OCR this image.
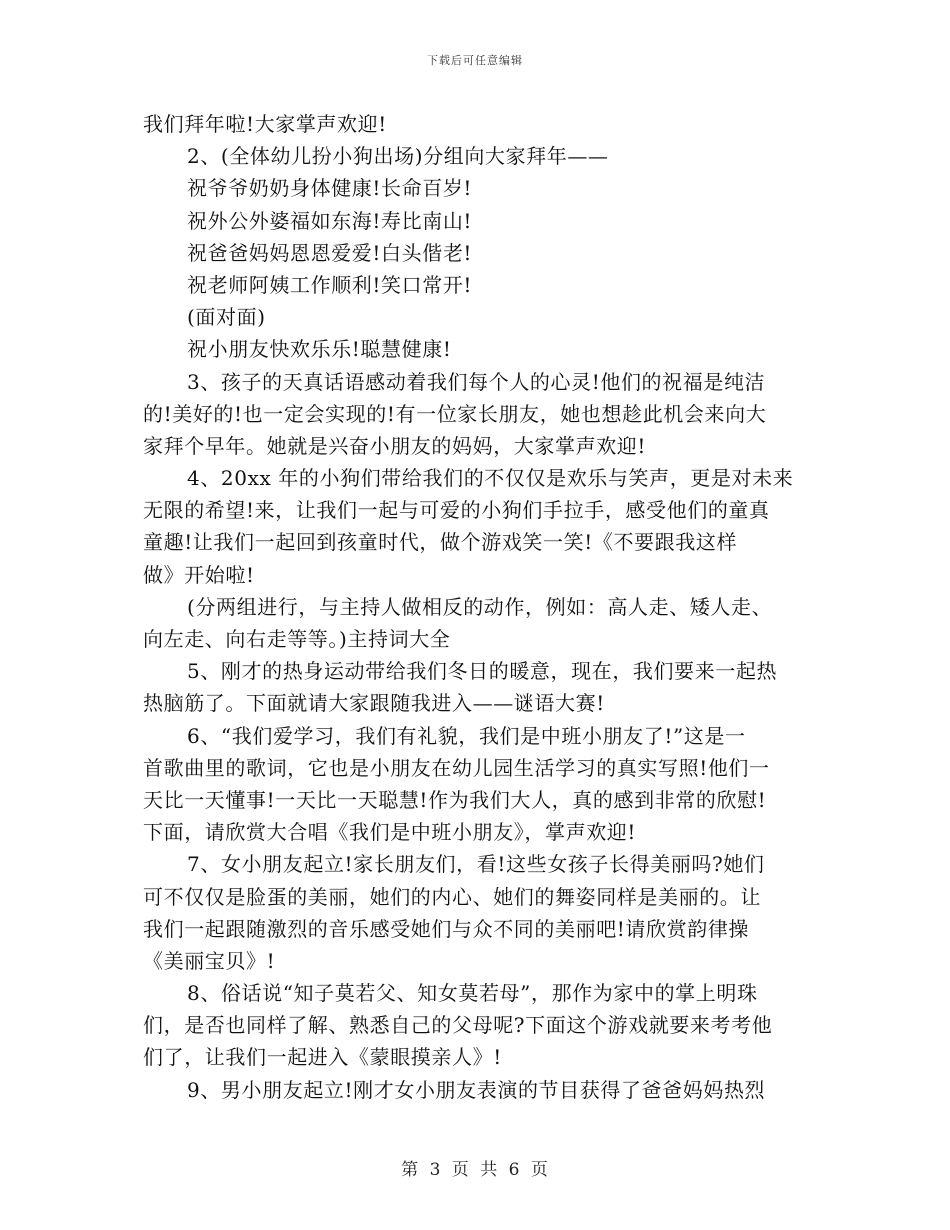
下载后可任意编辑
我们拜年啦!大家掌声欢迎!
2、(全体幼儿扮小狗出场)分组向大家拜年——
祝爷爷奶奶身体健康!长命百岁!
祝外公外婆福如东海!寿比南山!
祝爸爸妈妈恩恩爱爱!白头偕老!
祝老师阿姨工作顺利!笑口常开!
(面对面)
祝小朋友快欢乐乐!聪慧健康!
3、孩子的天真话语感动着我们每个人的心灵!他们的祝福是纯洁
的!美好的!也一定会实现的!有一位家长朋友，她也想趁此机会来向大
家拜个早年。她就是兴奋小朋友的妈妈，大家掌声欢迎!
4、20xx 年的小狗们带给我们的不仅仅是欢乐与笑声，更是对未来
无限的希望!来，让我们一起与可爱的小狗们手拉手，感受他们的童真
童趣!让我们一起回到孩童时代，做个游戏笑一笑!《不要跟我这样
做》开始啦!
(分两组进行，与主持人做相反的动作，例如：高人走、矮人走、
向左走、向右走等等。)主持词大全
5、刚才的热身运动带给我们冬日的暖意，现在，我们要来一起热
热脑筋了。下面就请大家跟随我进入——谜语大赛!
6、“我们爱学习，我们有礼貌，我们是中班小朋友了!”这是一
首歌曲里的歌词，它也是小朋友在幼儿园生活学习的真实写照!他们一
天比一天懂事!一天比一天聪慧!作为我们大人，真的感到非常的欣慰!
下面，请欣赏大合唱《我们是中班小朋友》，掌声欢迎!
7、女小朋友起立!家长朋友们，看!这些女孩子长得美丽吗?她们
可不仅仅是脸蛋的美丽，她们的内心、她们的舞姿同样是美丽的。让
我们一起跟随激烈的音乐感受她们与众不同的美丽吧!请欣赏韵律操
《美丽宝贝》!
8、俗话说“知子莫若父、知女莫若母”，那作为家中的掌上明珠
们，是否也同样了解、熟悉自己的父母呢?下面这个游戏就要来考考他
们了，让我们一起进入《蒙眼摸亲人》!
9、男小朋友起立!刚才女小朋友表演的节目获得了爸爸妈妈热烈
第 3 页 共 6 页
